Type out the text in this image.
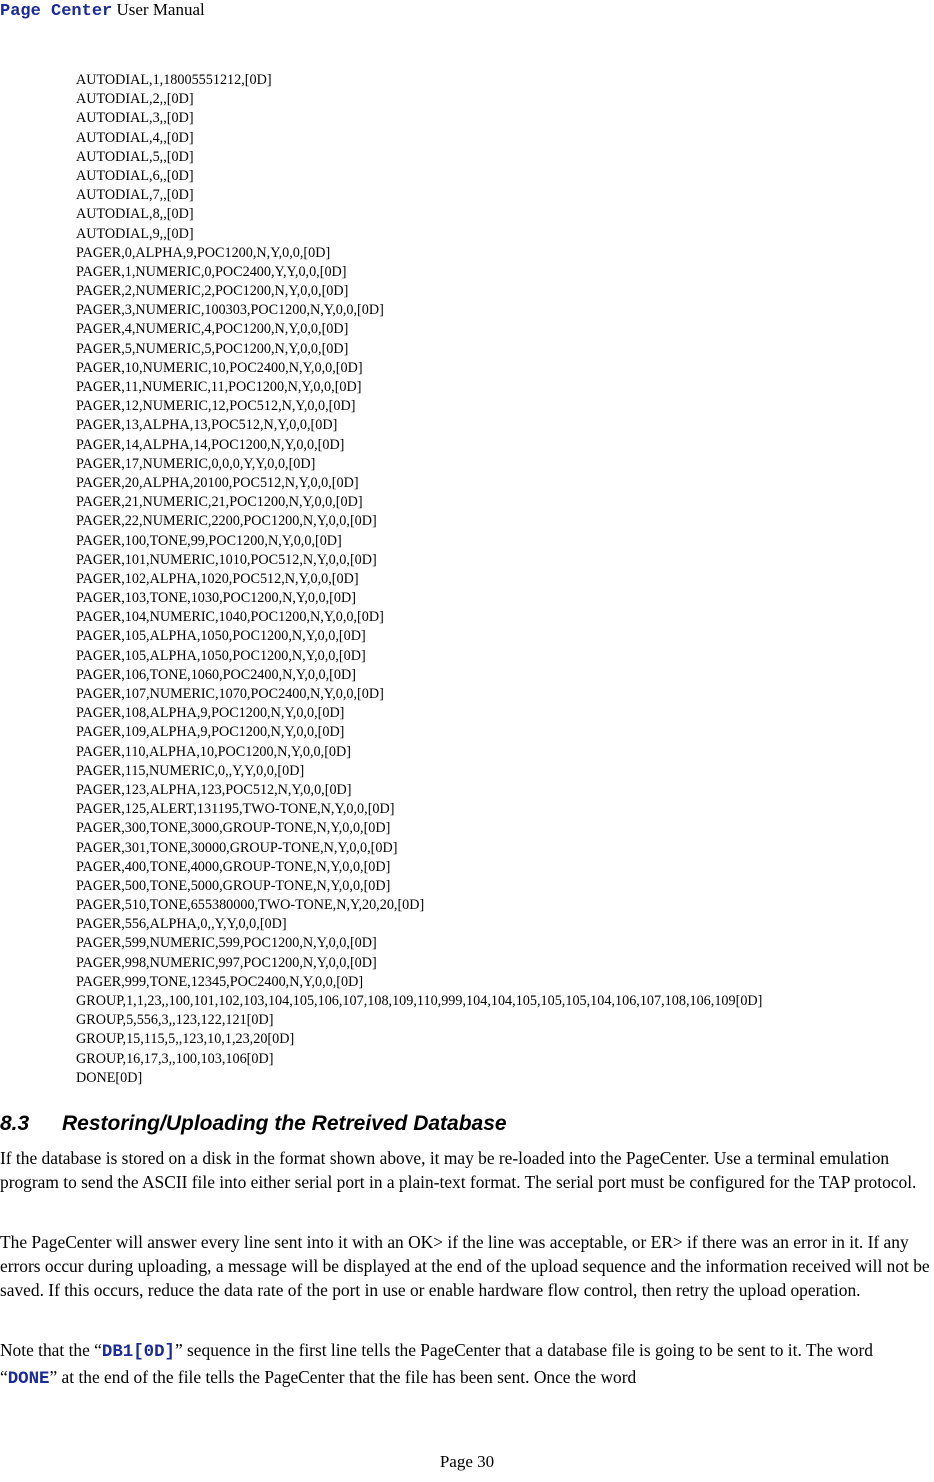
Page Center User Manual
AUTODIAL,1,18005551212,[0D]
AUTODIAL,2,,[0D]
AUTODIAL,3,,[0D]
AUTODIAL,4,,[0D]
AUTODIAL,5,,[0D]
AUTODIAL,6,,[0D]
AUTODIAL,7,,[0D]
AUTODIAL,8,,[0D]
AUTODIAL,9,,[0D]
PAGER,0,ALPHA,9,POC1200,N,Y,0,0,[0D]
PAGER,1,NUMERIC,0,POC2400,Y,Y,0,0,[0D]
PAGER,2,NUMERIC,2,POC1200,N,Y,0,0,[0D]
PAGER,3,NUMERIC,100303,POC1200,N,Y,0,0,[0D]
PAGER,4,NUMERIC,4,POC1200,N,Y,0,0,[0D]
PAGER,5,NUMERIC,5,POC1200,N,Y,0,0,[0D]
PAGER,10,NUMERIC,10,POC2400,N,Y,0,0,[0D]
PAGER,11,NUMERIC,11,POC1200,N,Y,0,0,[0D]
PAGER,12,NUMERIC,12,POC512,N,Y,0,0,[0D]
PAGER,13,ALPHA,13,POC512,N,Y,0,0,[0D]
PAGER,14,ALPHA,14,POC1200,N,Y,0,0,[0D]
PAGER,17,NUMERIC,0,0,0,Y,Y,0,0,[0D]
PAGER,20,ALPHA,20100,POC512,N,Y,0,0,[0D]
PAGER,21,NUMERIC,21,POC1200,N,Y,0,0,[0D]
PAGER,22,NUMERIC,2200,POC1200,N,Y,0,0,[0D]
PAGER,100,TONE,99,POC1200,N,Y,0,0,[0D]
PAGER,101,NUMERIC,1010,POC512,N,Y,0,0,[0D]
PAGER,102,ALPHA,1020,POC512,N,Y,0,0,[0D]
PAGER,103,TONE,1030,POC1200,N,Y,0,0,[0D]
PAGER,104,NUMERIC,1040,POC1200,N,Y,0,0,[0D]
PAGER,105,ALPHA,1050,POC1200,N,Y,0,0,[0D]
PAGER,105,ALPHA,1050,POC1200,N,Y,0,0,[0D]
PAGER,106,TONE,1060,POC2400,N,Y,0,0,[0D]
PAGER,107,NUMERIC,1070,POC2400,N,Y,0,0,[0D]
PAGER,108,ALPHA,9,POC1200,N,Y,0,0,[0D]
PAGER,109,ALPHA,9,POC1200,N,Y,0,0,[0D]
PAGER,110,ALPHA,10,POC1200,N,Y,0,0,[0D]
PAGER,115,NUMERIC,0,,Y,Y,0,0,[0D]
PAGER,123,ALPHA,123,POC512,N,Y,0,0,[0D]
PAGER,125,ALERT,131195,TWO-TONE,N,Y,0,0,[0D]
PAGER,300,TONE,3000,GROUP-TONE,N,Y,0,0,[0D]
PAGER,301,TONE,30000,GROUP-TONE,N,Y,0,0,[0D]
PAGER,400,TONE,4000,GROUP-TONE,N,Y,0,0,[0D]
PAGER,500,TONE,5000,GROUP-TONE,N,Y,0,0,[0D]
PAGER,510,TONE,655380000,TWO-TONE,N,Y,20,20,[0D]
PAGER,556,ALPHA,0,,Y,Y,0,0,[0D]
PAGER,599,NUMERIC,599,POC1200,N,Y,0,0,[0D]
PAGER,998,NUMERIC,997,POC1200,N,Y,0,0,[0D]
PAGER,999,TONE,12345,POC2400,N,Y,0,0,[0D]
GROUP,1,1,23,,100,101,102,103,104,105,106,107,108,109,110,999,104,104,105,105,105,104,106,107,108,106,109[0D]
GROUP,5,556,3,,123,122,121[0D]
GROUP,15,115,5,,123,10,1,23,20[0D]
GROUP,16,17,3,,100,103,106[0D]
DONE[0D]
8.3 Restoring/Uploading the Retreived Database

If the database is stored on a disk in the format shown above, it may be re-loaded into the PageCenter. Use a terminal emulation program to send the ASCII file into either serial port in a plain-text format. The serial port must be configured for the TAP protocol.

The PageCenter will answer every line sent into it with an OK> if the line was acceptable, or ER> if there was an error in it. If any errors occur during uploading, a message will be displayed at the end of the upload sequence and the information received will not be saved. If this occurs, reduce the data rate of the port in use or enable hardware flow control, then retry the upload operation.

Note that the “DB1[0D]” sequence in the first line tells the PageCenter that a database file is going to be sent to it. The word “DONE” at the end of the file tells the PageCenter that the file has been sent. Once the word

Page 30
